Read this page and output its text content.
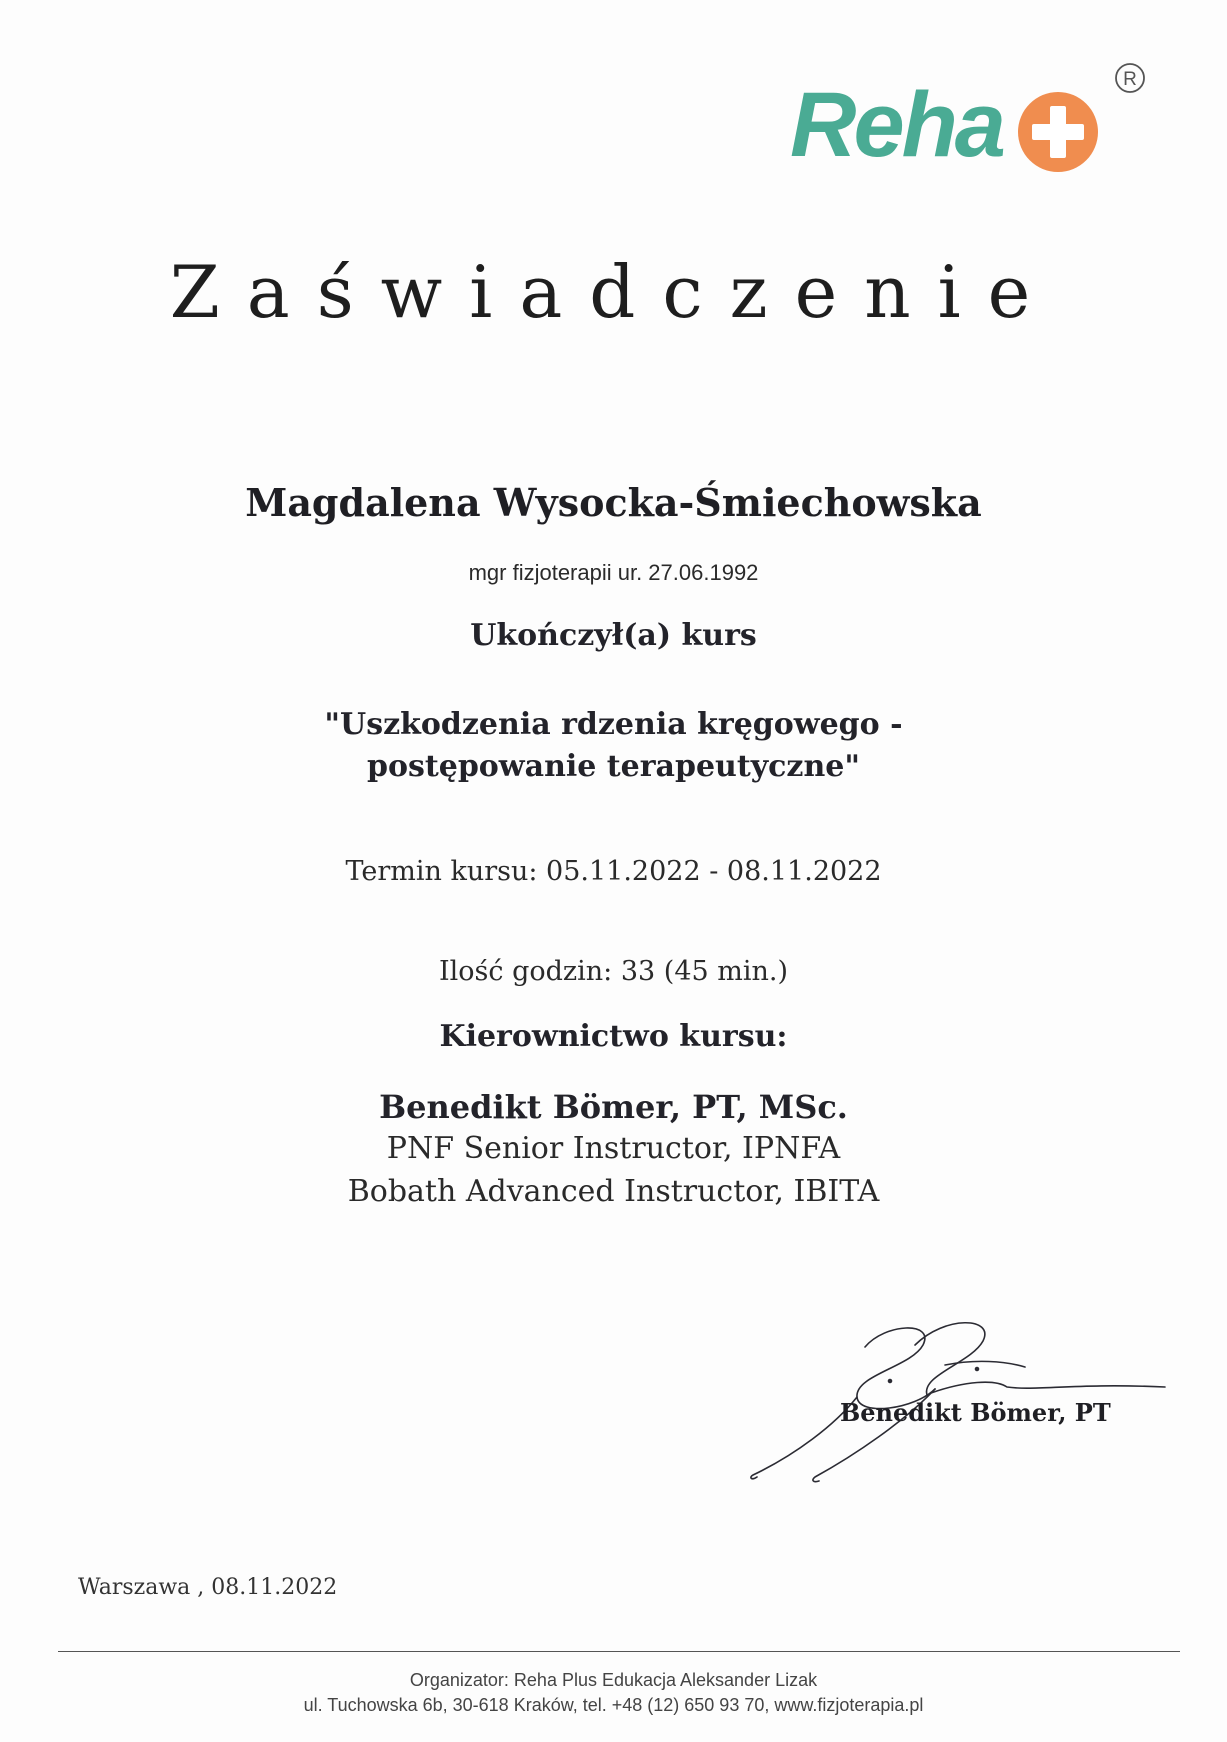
Reha	R
Zaświadczenie
Magdalena Wysocka-Śmiechowska
mgr fizjoterapii ur. 27.06.1992
Ukończył(a) kurs
"Uszkodzenia rdzenia kręgowego -
postępowanie terapeutyczne"
Termin kursu: 05.11.2022 - 08.11.2022
Ilość godzin: 33 (45 min.)
Kierownictwo kursu:
Benedikt Bömer, PT, MSc.
PNF Senior Instructor, IPNFA
Bobath Advanced Instructor, IBITA
Benedikt Bömer, PT
Warszawa , 08.11.2022
Organizator: Reha Plus Edukacja Aleksander Lizak
ul. Tuchowska 6b, 30-618 Kraków, tel. +48 (12) 650 93 70, www.fizjoterapia.pl
